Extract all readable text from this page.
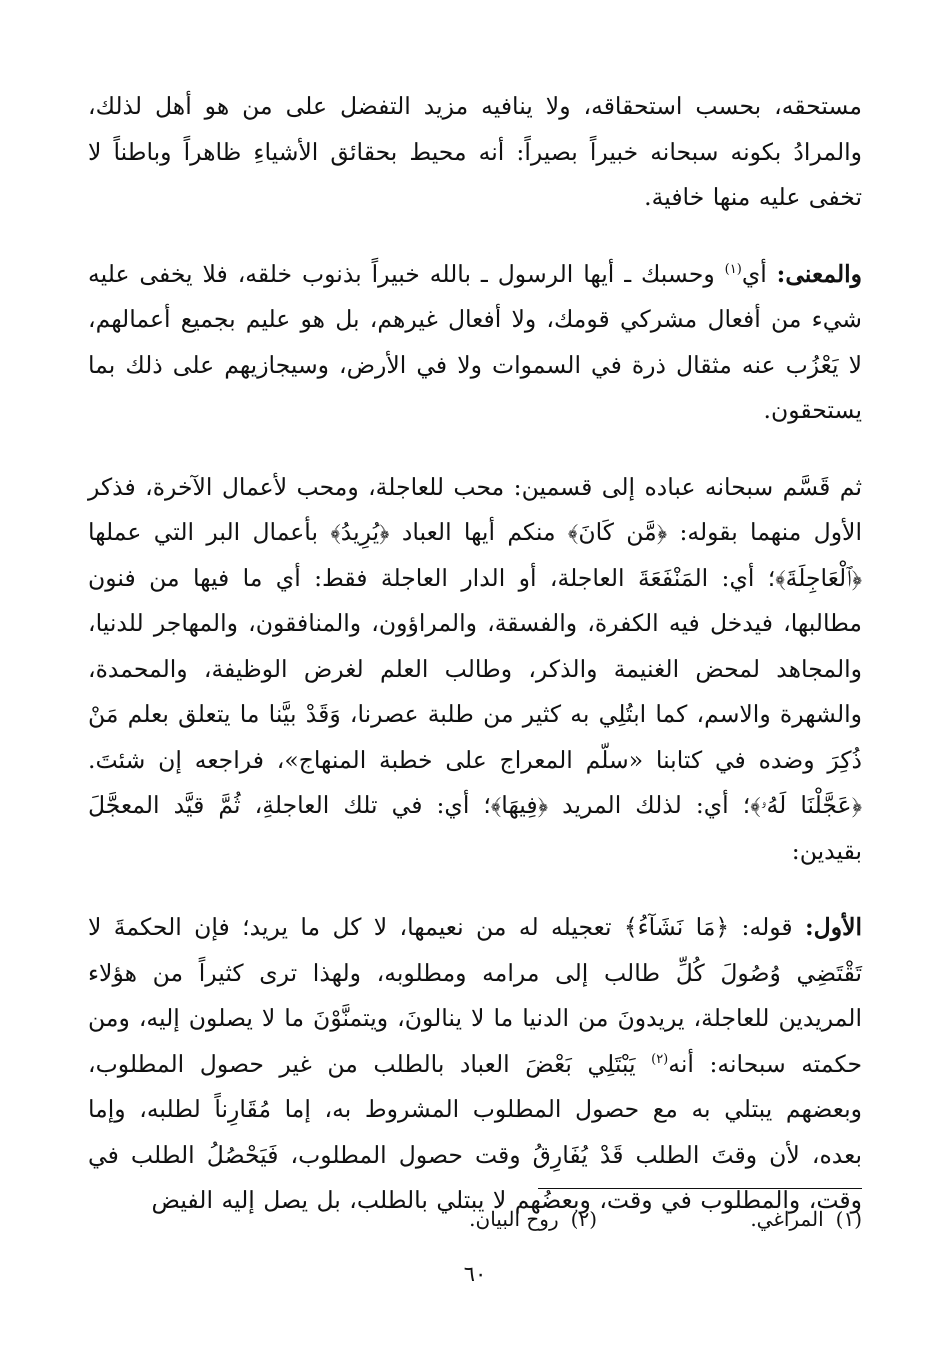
مستحقه، بحسب استحقاقه، ولا ينافيه مزيد التفضل على من هو أهل لذلك، والمرادُ بكونه سبحانه خبيراً بصيراً: أنه محيط بحقائق الأشياءِ ظاهراً وباطناً لا تخفى عليه منها خافية.

والمعنى: أي$^{(١)}$ وحسبك ـ أيها الرسول ـ بالله خبيراً بذنوب خلقه، فلا يخفى عليه شيء من أفعال مشركي قومك، ولا أفعال غيرهم، بل هو عليم بجميع أعمالهم، لا يَعْزُب عنه مثقال ذرة في السموات ولا في الأرض، وسيجازيهم على ذلك بما يستحقون.

ثم قَسَّم سبحانه عباده إلى قسمين: محب للعاجلة، ومحب لأعمال الآخرة، فذكر الأول منهما بقوله: ﴿مَّن كَانَ﴾ منكم أيها العباد ﴿يُرِيدُ﴾ بأعمال البر التي عملها ﴿ٱلْعَاجِلَةَ﴾؛ أي: المَنْفَعَةَ العاجلة، أو الدار العاجلة فقط: أي ما فيها من فنون مطالبها، فيدخل فيه الكفرة، والفسقة، والمراؤون، والمنافقون، والمهاجر للدنيا، والمجاهد لمحض الغنيمة والذكر، وطالب العلم لغرض الوظيفة، والمحمدة، والشهرة والاسم، كما ابتُلِي به كثير من طلبة عصرنا، وَقَدْ بيَّنا ما يتعلق بعلم مَنْ ذُكِرَ وضده في كتابنا «سلّم المعراج على خطبة المنهاج»، فراجعه إن شئتَ. ﴿عَجَّلْنَا لَهُۥ﴾؛ أي: لذلك المريد ﴿فِيهَا﴾؛ أي: في تلك العاجلةِ، ثُمَّ قيَّد المعجَّلَ بقيدين:

الأول: قوله: ﴿مَا نَشَآءُ﴾ تعجيله له من نعيمها، لا كل ما يريد؛ فإن الحكمةَ لا تَقْتَضِي وُصُولَ كُلِّ طالب إلى مرامه ومطلوبه، ولهذا ترى كثيراً من هؤلاء المريدين للعاجلة، يريدونَ من الدنيا ما لا ينالونَ، ويتمنَّوْنَ ما لا يصلون إليه، ومن حكمته سبحانه: أنه$^{(٢)}$ يَبْتَلِي بَعْضَ العباد بالطلب من غير حصول المطلوب، وبعضهم يبتلي به مع حصول المطلوب المشروط به، إما مُقَارِناً لطلبه، وإما بعده، لأن وقتَ الطلب قَدْ يُفَارِقُ وقت حصول المطلوب، فَيَحْصُلُ الطلب في وقت، والمطلوب في وقت، وبعضُهم لا يبتلي بالطلب، بل يصل إليه الفيض

(١)المراغي.
(٢)روح البيان.
٦٠
